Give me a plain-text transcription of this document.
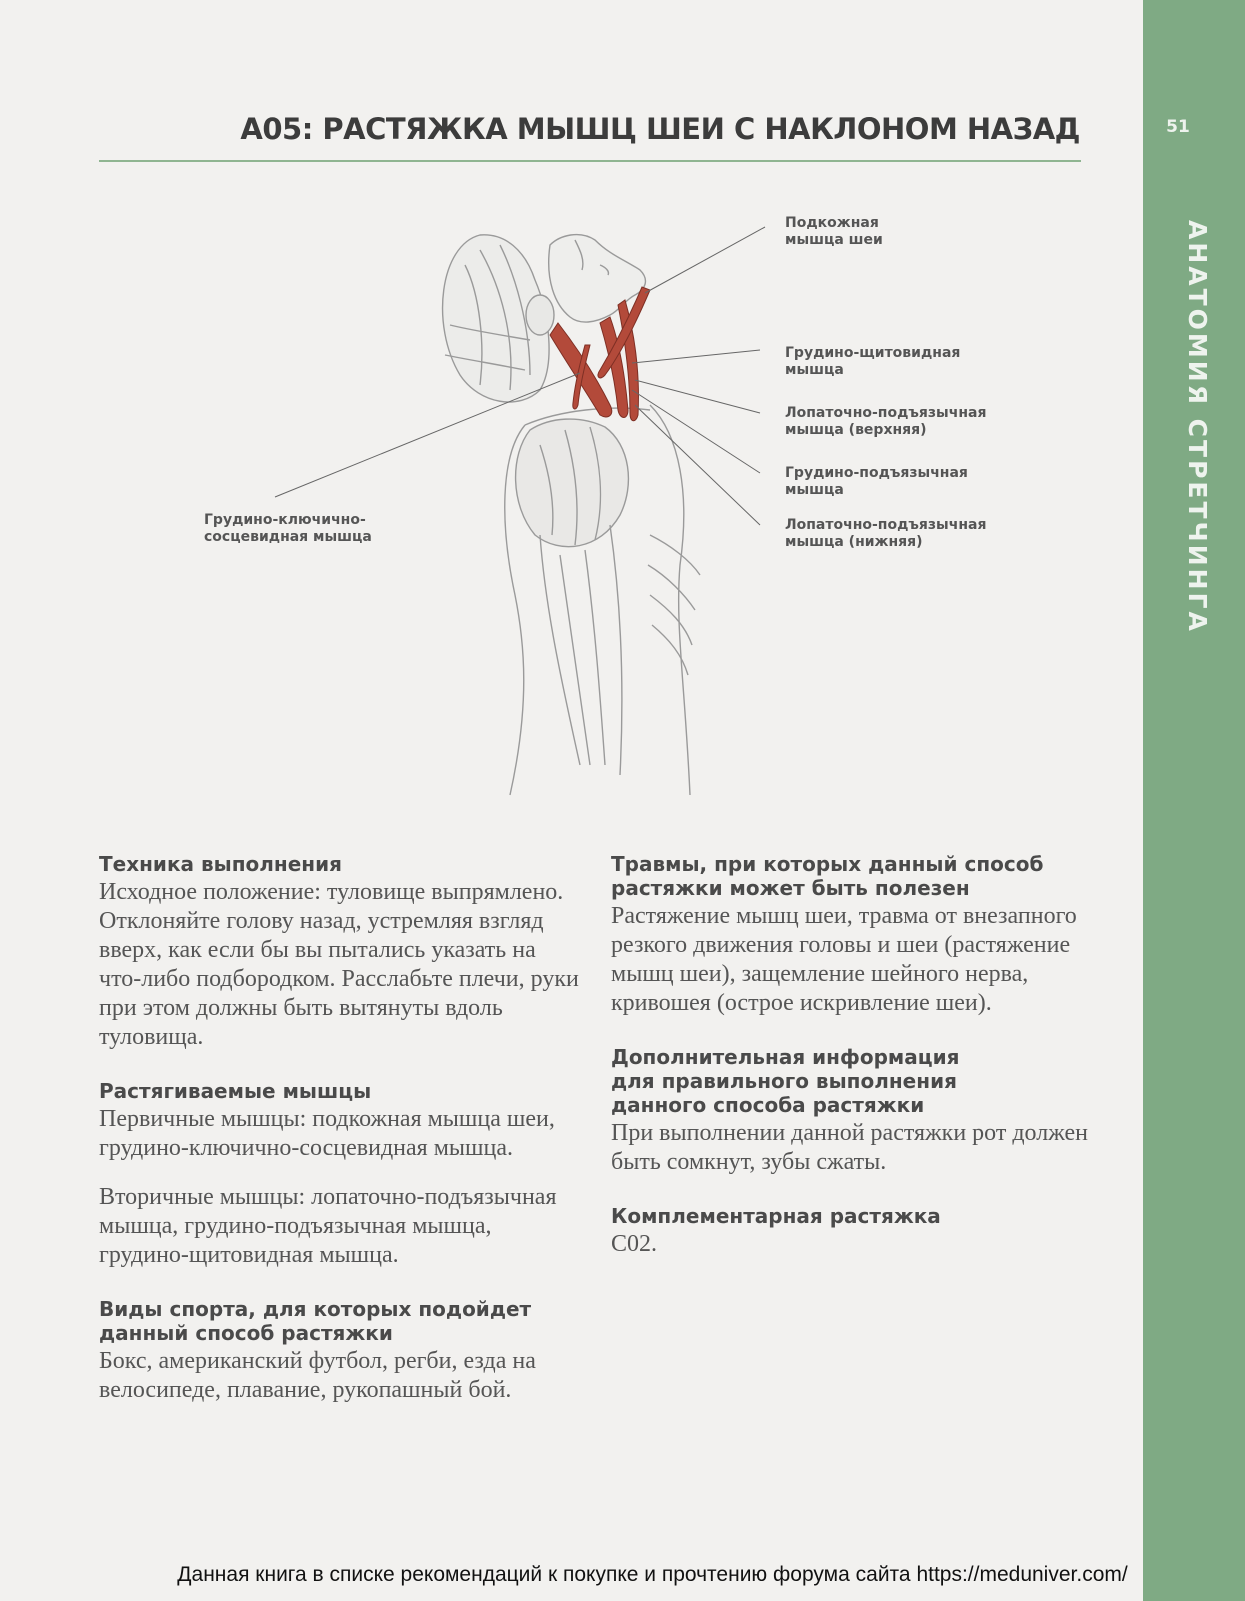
51
АНАТОМИЯ СТРЕТЧИНГА
A05: РАСТЯЖКА МЫШЦ ШЕИ С НАКЛОНОМ НАЗАД
Подкожная
мышца шеи
Грудино-щитовидная
мышца
Лопаточно-подъязычная
мышца (верхняя)
Грудино-подъязычная
мышца
Лопаточно-подъязычная
мышца (нижняя)
Грудино-ключично-
сосцевидная мышца
Техника выполнения

Исходное положение: туловище выпрямлено. Отклоняйте голову назад, устремляя взгляд вверх, как если бы вы пытались указать на что-либо подбородком. Расслабьте плечи, руки при этом должны быть вытянуты вдоль туловища.

Растягиваемые мышцы

Первичные мышцы: подкожная мышца шеи, грудино-ключично-сосцевидная мышца.

Вторичные мышцы: лопаточно-подъязычная мышца, грудино-подъязычная мышца, грудино-щитовидная мышца.

Виды спорта, для которых подойдет
данный способ растяжки

Бокс, американский футбол, регби, езда на велосипеде, плавание, рукопашный бой.

Травмы, при которых данный способ
растяжки может быть полезен

Растяжение мышц шеи, травма от внезапного резкого движения головы и шеи (растяжение мышц шеи), защемление шейного нерва, кривошея (острое искривление шеи).

Дополнительная информация
для правильного выполнения
данного способа растяжки

При выполнении данной растяжки рот должен быть сомкнут, зубы сжаты.

Комплементарная растяжка

C02.

Данная книга в списке рекомендаций к покупке и прочтению форума сайта https://meduniver.com/
